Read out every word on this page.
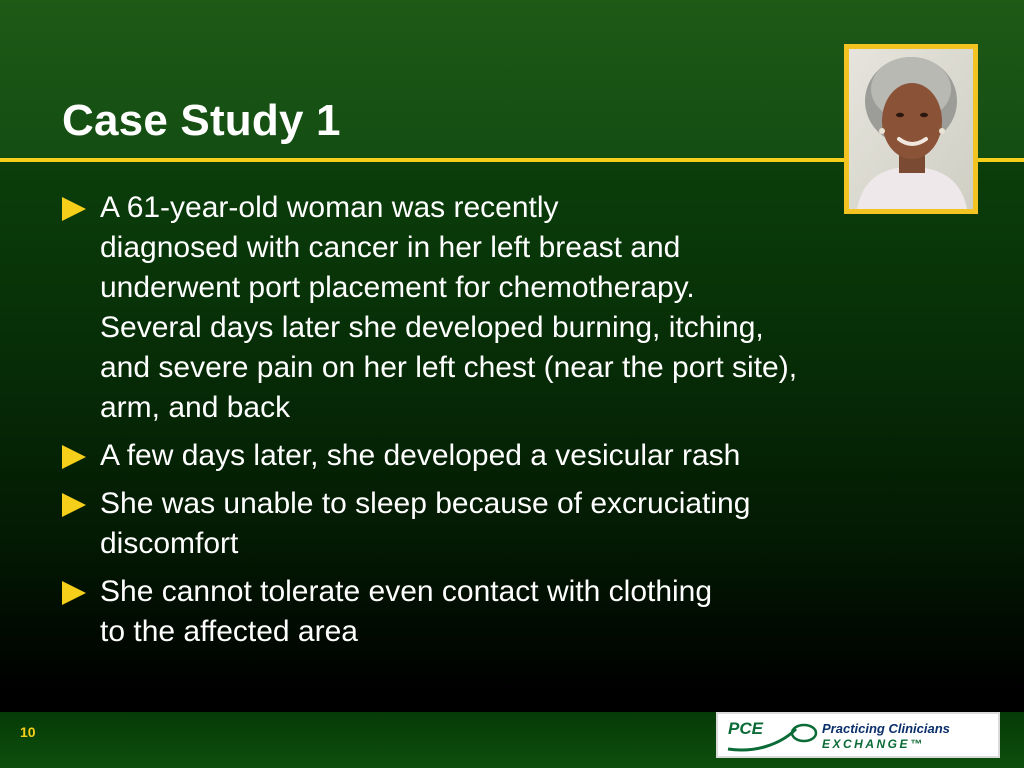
Case Study 1
A 61-year-old woman was recently
diagnosed with cancer in her left breast and
underwent port placement for chemotherapy.
Several days later she developed burning, itching,
and severe pain on her left chest (near the port site),
arm, and back
A few days later, she developed a vesicular rash
She was unable to sleep because of excruciating
discomfort
She cannot tolerate even contact with clothing
to the affected area
10	PCE	Practicing Clinicians
EXCHANGE™
